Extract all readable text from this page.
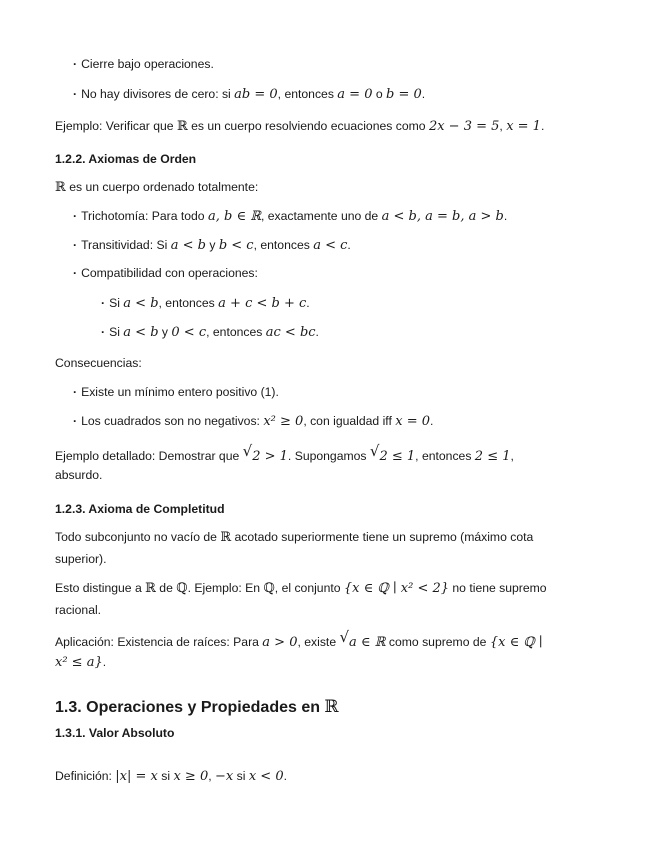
· Cierre bajo operaciones.
· No hay divisores de cero: si ab = 0, entonces a = 0 o b = 0.
Ejemplo: Verificar que ℝ es un cuerpo resolviendo ecuaciones como 2x − 3 = 5, x = 1.
1.2.2. Axiomas de Orden
ℝ es un cuerpo ordenado totalmente:
· Trichotomía: Para todo a, b ∈ ℝ, exactamente uno de a < b, a = b, a > b.
· Transitividad: Si a < b y b < c, entonces a < c.
· Compatibilidad con operaciones:
· Si a < b, entonces a + c < b + c.
· Si a < b y 0 < c, entonces ac < bc.
Consecuencias:
· Existe un mínimo entero positivo (1).
· Los cuadrados son no negativos: x² ≥ 0, con igualdad iff x = 0.
Ejemplo detallado: Demostrar que √2 > 1. Supongamos √2 ≤ 1, entonces 2 ≤ 1,
absurdo.
1.2.3. Axioma de Completitud
Todo subconjunto no vacío de ℝ acotado superiormente tiene un supremo (máximo cota
superior).
Esto distingue a ℝ de ℚ. Ejemplo: En ℚ, el conjunto {x ∈ ℚ ∣ x² < 2} no tiene supremo
racional.
Aplicación: Existencia de raíces: Para a > 0, existe √a ∈ ℝ como supremo de {x ∈ ℚ ∣
x² ≤ a}.
1.3. Operaciones y Propiedades en ℝ
1.3.1. Valor Absoluto
Definición: |x| = x si x ≥ 0, −x si x < 0.
